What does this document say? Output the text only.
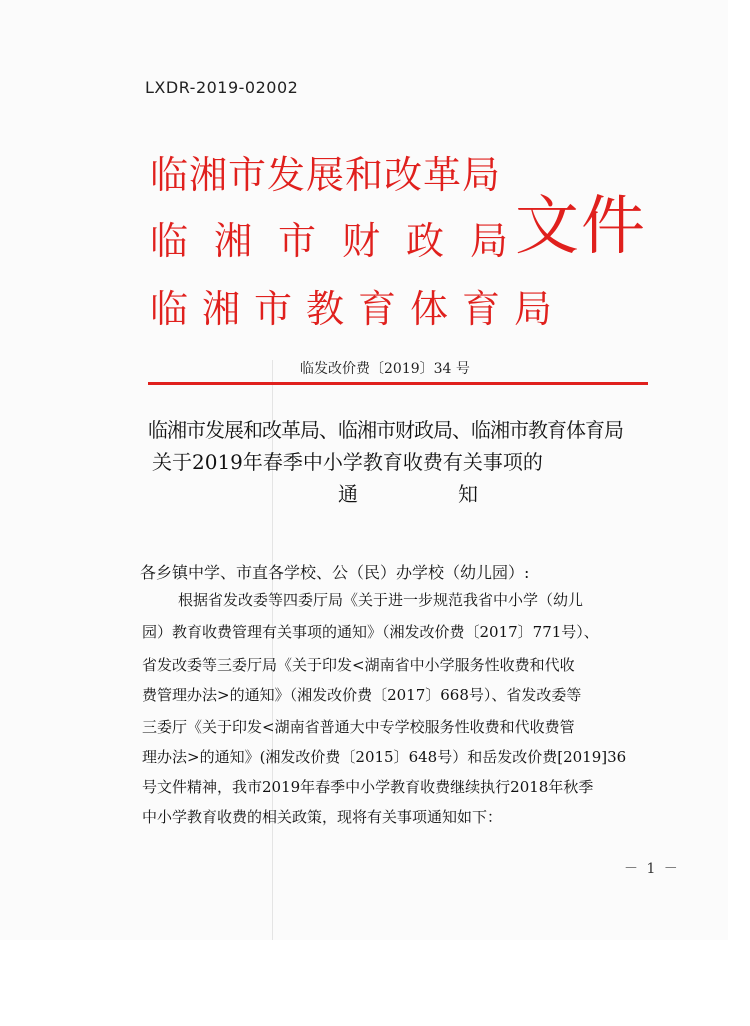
LXDR-2019-02002
临湘市发展和改革局
临湘市财政局
临湘市教育体育局
文件
临发改价费〔2019〕34 号
临湘市发展和改革局、临湘市财政局、临湘市教育体育局
关于2019年春季中小学教育收费有关事项的
通知
各乡镇中学、市直各学校、公（民）办学校（幼儿园）:
根据省发改委等四委厅局《关于进一步规范我省中小学（幼儿
园）教育收费管理有关事项的通知》（湘发改价费〔2017〕771号）、
省发改委等三委厅局《关于印发<湖南省中小学服务性收费和代收
费管理办法>的通知》（湘发改价费〔2017〕668号）、省发改委等
三委厅《关于印发<湖南省普通大中专学校服务性收费和代收费管
理办法>的通知》(湘发改价费〔2015〕648号）和岳发改价费[2019]36
号文件精神，我市2019年春季中小学教育收费继续执行2018年秋季
中小学教育收费的相关政策，现将有关事项通知如下：
－ 1 －
